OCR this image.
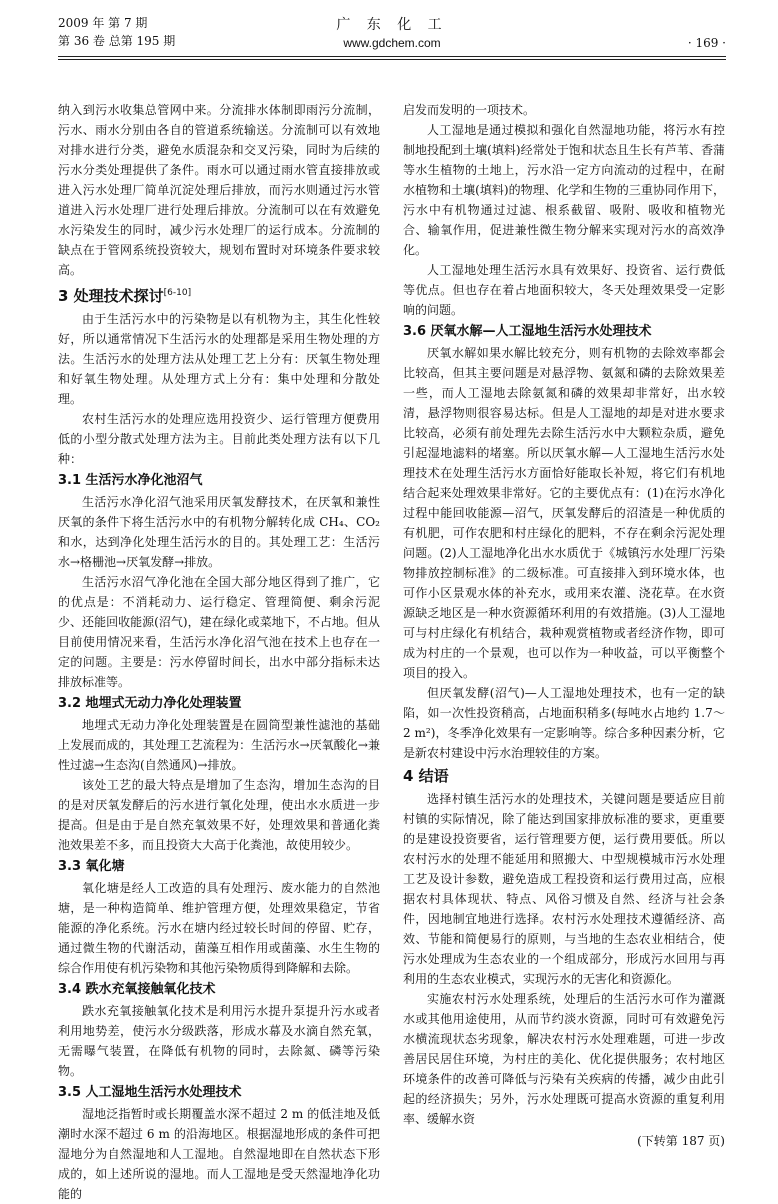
2009 年 第 7 期
第 36 卷 总第 195 期
广 东 化 工
www.gdchem.com	· 169 ·

纳入到污水收集总管网中来。分流排水体制即雨污分流制，污水、雨水分别由各自的管道系统输送。分流制可以有效地对排水进行分类，避免水质混杂和交叉污染，同时为后续的污水分类处理提供了条件。雨水可以通过雨水管直接排放或进入污水处理厂简单沉淀处理后排放，而污水则通过污水管道进入污水处理厂进行处理后排放。分流制可以在有效避免水污染发生的同时，减少污水处理厂的运行成本。分流制的缺点在于管网系统投资较大，规划布置时对环境条件要求较高。

3 处理技术探讨[6-10]

由于生活污水中的污染物是以有机物为主，其生化性较好，所以通常情况下生活污水的处理都是采用生物处理的方法。生活污水的处理方法从处理工艺上分有：厌氧生物处理和好氧生物处理。从处理方式上分有：集中处理和分散处理。

农村生活污水的处理应选用投资少、运行管理方便费用低的小型分散式处理方法为主。目前此类处理方法有以下几种：

3.1 生活污水净化池沼气

生活污水净化沼气池采用厌氧发酵技术，在厌氧和兼性厌氧的条件下将生活污水中的有机物分解转化成 CH₄、CO₂ 和水，达到净化处理生活污水的目的。其处理工艺：生活污水→格栅池→厌氧发酵→排放。

生活污水沼气净化池在全国大部分地区得到了推广，它的优点是：不消耗动力、运行稳定、管理简便、剩余污泥少、还能回收能源(沼气)，建在绿化或菜地下，不占地。但从目前使用情况来看，生活污水净化沼气池在技术上也存在一定的问题。主要是：污水停留时间长，出水中部分指标未达排放标准等。

3.2 地埋式无动力净化处理装置

地埋式无动力净化处理装置是在圆筒型兼性滤池的基础上发展而成的，其处理工艺流程为：生活污水→厌氧酸化→兼性过滤→生态沟(自然通风)→排放。

该处工艺的最大特点是增加了生态沟，增加生态沟的目的是对厌氧发酵后的污水进行氧化处理，使出水水质进一步提高。但是由于是自然充氧效果不好，处理效果和普通化粪池效果差不多，而且投资大大高于化粪池，故使用较少。

3.3 氧化塘

氧化塘是经人工改造的具有处理污、废水能力的自然池塘，是一种构造简单、维护管理方便，处理效果稳定，节省能源的净化系统。污水在塘内经过较长时间的停留、贮存，通过微生物的代谢活动，菌藻互相作用或菌藻、水生生物的综合作用使有机污染物和其他污染物质得到降解和去除。

3.4 跌水充氧接触氧化技术

跌水充氧接触氧化技术是利用污水提升泵提升污水或者利用地势差，使污水分级跌落，形成水幕及水滴自然充氧，无需曝气装置，在降低有机物的同时，去除氮、磷等污染物。

3.5 人工湿地生活污水处理技术

湿地泛指暂时或长期覆盖水深不超过 2 m 的低洼地及低潮时水深不超过 6 m 的沿海地区。根据湿地形成的条件可把湿地分为自然湿地和人工湿地。自然湿地即在自然状态下形成的，如上述所说的湿地。而人工湿地是受天然湿地净化功能的

启发而发明的一项技术。

人工湿地是通过模拟和强化自然湿地功能，将污水有控制地投配到土壤(填料)经常处于饱和状态且生长有芦苇、香蒲等水生植物的土地上，污水沿一定方向流动的过程中，在耐水植物和土壤(填料)的物理、化学和生物的三重协同作用下，污水中有机物通过过滤、根系截留、吸附、吸收和植物光合、输氧作用，促进兼性微生物分解来实现对污水的高效净化。

人工湿地处理生活污水具有效果好、投资省、运行费低等优点。但也存在着占地面积较大，冬天处理效果受一定影响的问题。

3.6 厌氧水解—人工湿地生活污水处理技术

厌氧水解如果水解比较充分，则有机物的去除效率都会比较高，但其主要问题是对悬浮物、氨氮和磷的去除效果差一些，而人工湿地去除氨氮和磷的效果却非常好，出水较清，悬浮物则很容易达标。但是人工湿地的却是对进水要求比较高，必须有前处理先去除生活污水中大颗粒杂质，避免引起湿地滤料的堵塞。所以厌氧水解—人工湿地生活污水处理技术在处理生活污水方面恰好能取长补短，将它们有机地结合起来处理效果非常好。它的主要优点有：(1)在污水净化过程中能回收能源—沼气，厌氧发酵后的沼渣是一种优质的有机肥，可作农肥和村庄绿化的肥料，不存在剩余污泥处理问题。(2)人工湿地净化出水水质优于《城镇污水处理厂污染物排放控制标准》的二级标准。可直接排入到环境水体，也可作小区景观水体的补充水，或用来农灌、浇花草。在水资源缺乏地区是一种水资源循环利用的有效措施。(3)人工湿地可与村庄绿化有机结合，栽种观赏植物或者经济作物，即可成为村庄的一个景观，也可以作为一种收益，可以平衡整个项目的投入。

但厌氧发酵(沼气)—人工湿地处理技术，也有一定的缺陷，如一次性投资稍高，占地面积稍多(每吨水占地约 1.7～2 m²)，冬季净化效果有一定影响等。综合多种因素分析，它是新农村建设中污水治理较佳的方案。

4 结语

选择村镇生活污水的处理技术，关键问题是要适应目前村镇的实际情况，除了能达到国家排放标准的要求，更重要的是建设投资要省，运行管理要方便，运行费用要低。所以农村污水的处理不能延用和照搬大、中型规模城市污水处理工艺及设计参数，避免造成工程投资和运行费用过高，应根据农村具体现状、特点、风俗习惯及自然、经济与社会条件，因地制宜地进行选择。农村污水处理技术遵循经济、高效、节能和简便易行的原则，与当地的生态农业相结合，使污水处理成为生态农业的一个组成部分，形成污水回用与再利用的生态农业模式，实现污水的无害化和资源化。

实施农村污水处理系统，处理后的生活污水可作为灌溉水或其他用途使用，从而节约淡水资源，同时可有效避免污水横流现状态劣现象，解决农村污水处理难题，可进一步改善居民居住环境，为村庄的美化、优化提供服务；农村地区环境条件的改善可降低与污染有关疾病的传播，减少由此引起的经济损失；另外，污水处理既可提高水资源的重复利用率、缓解水资

(下转第 187 页)
